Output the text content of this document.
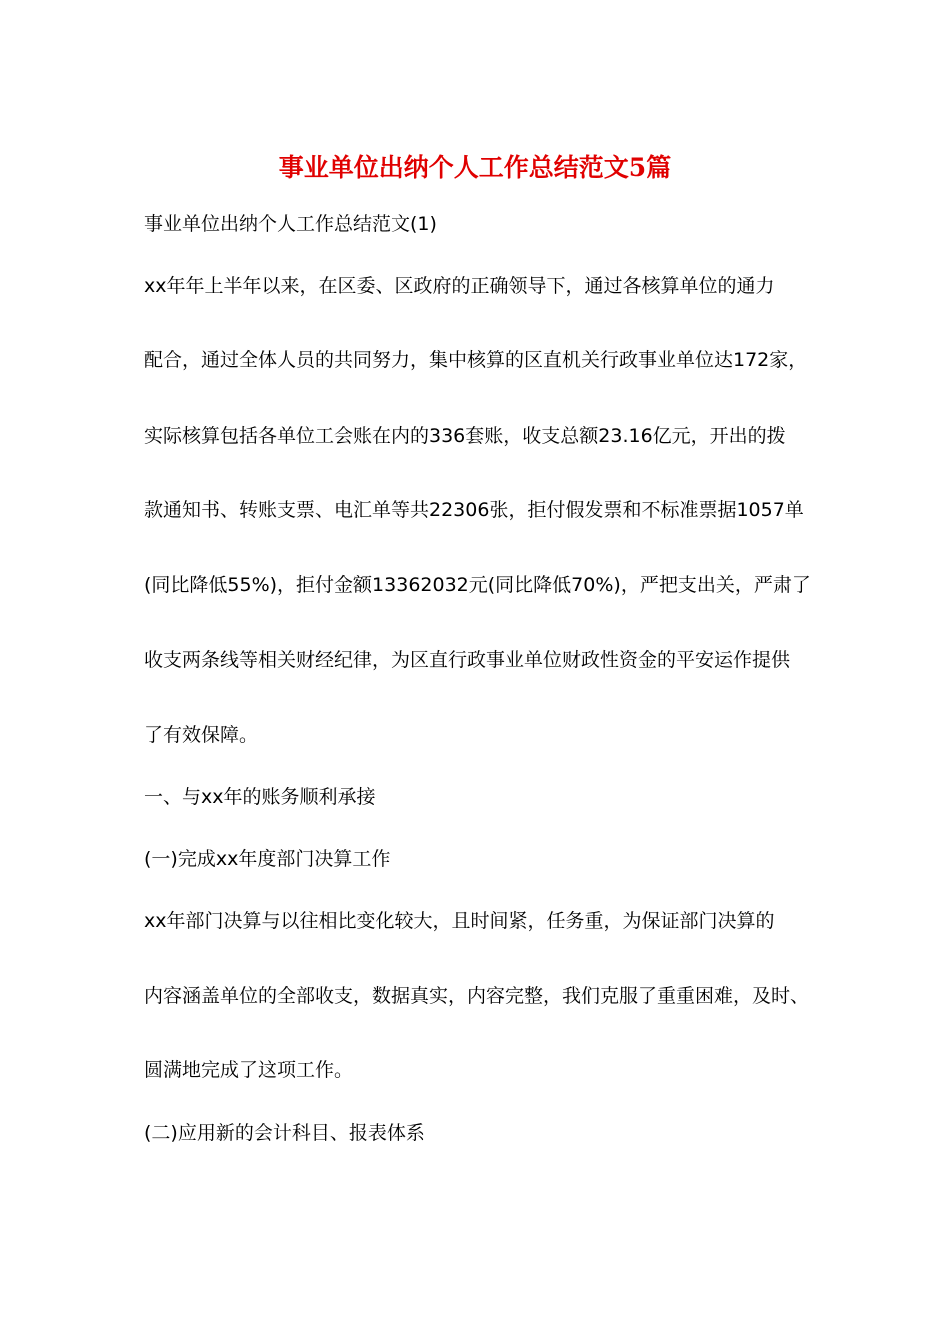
事业单位出纳个人工作总结范文5篇

事业单位出纳个人工作总结范文(1)

xx年年上半年以来，在区委、区政府的正确领导下，通过各核算单位的通力

配合，通过全体人员的共同努力，集中核算的区直机关行政事业单位达172家，

实际核算包括各单位工会账在内的336套账，收支总额23.16亿元，开出的拨

款通知书、转账支票、电汇单等共22306张，拒付假发票和不标准票据1057单

(同比降低55%)，拒付金额13362032元(同比降低70%)，严把支出关，严肃了

收支两条线等相关财经纪律，为区直行政事业单位财政性资金的平安运作提供

了有效保障。

一、与xx年的账务顺利承接

(一)完成xx年度部门决算工作

xx年部门决算与以往相比变化较大，且时间紧，任务重，为保证部门决算的

内容涵盖单位的全部收支，数据真实，内容完整，我们克服了重重困难，及时、

圆满地完成了这项工作。

(二)应用新的会计科目、报表体系
